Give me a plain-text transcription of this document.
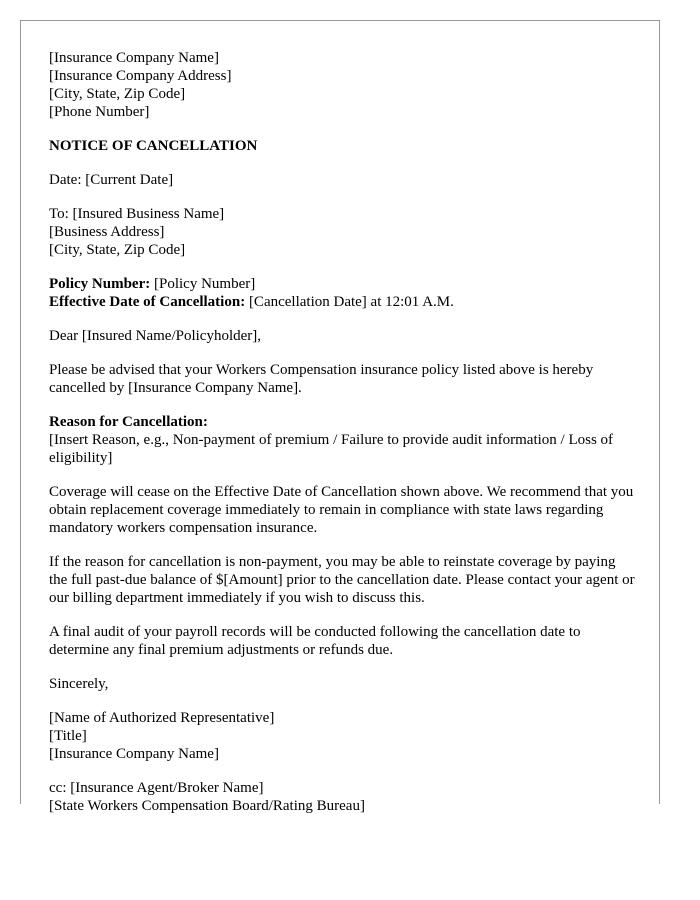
[Insurance Company Name]
[Insurance Company Address]
[City, State, Zip Code]
[Phone Number]
NOTICE OF CANCELLATION
Date: [Current Date]
To: [Insured Business Name]
[Business Address]
[City, State, Zip Code]
Policy Number: [Policy Number]
Effective Date of Cancellation: [Cancellation Date] at 12:01 A.M.
Dear [Insured Name/Policyholder],

Please be advised that your Workers Compensation insurance policy listed above is hereby cancelled by [Insurance Company Name].

Reason for Cancellation:
[Insert Reason, e.g., Non-payment of premium / Failure to provide audit information / Loss of eligibility]

Coverage will cease on the Effective Date of Cancellation shown above. We recommend that you obtain replacement coverage immediately to remain in compliance with state laws regarding mandatory workers compensation insurance.

If the reason for cancellation is non-payment, you may be able to reinstate coverage by paying the full past-due balance of $[Amount] prior to the cancellation date. Please contact your agent or our billing department immediately if you wish to discuss this.

A final audit of your payroll records will be conducted following the cancellation date to determine any final premium adjustments or refunds due.

Sincerely,
[Name of Authorized Representative]
[Title]
[Insurance Company Name]
cc: [Insurance Agent/Broker Name]
[State Workers Compensation Board/Rating Bureau]
